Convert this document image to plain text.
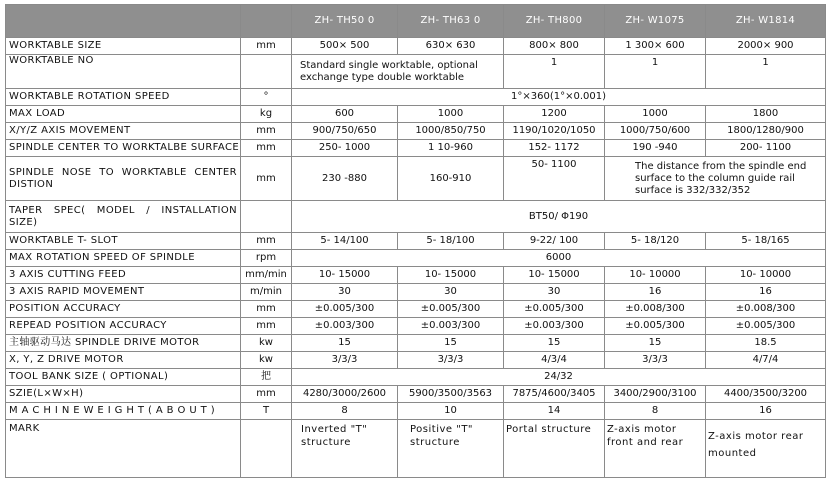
		ZH- TH50 0	ZH- TH63 0	ZH- TH800	ZH- W1075	ZH- W1814
WORKTABLE SIZE	mm	500× 500	630× 630	800× 800	1 300× 600	2000× 900
WORKTABLE NO		Standard single worktable, optional exchange type double worktable		1	1	1
WORKTABLE ROTATION SPEED	°	1°×360(1°×0.001)				
MAX LOAD	kg	600	1000	1200	1000	1800
X/Y/Z AXIS MOVEMENT	mm	900/750/650	1000/850/750	1190/1020/1050	1000/750/600	1800/1280/900
SPINDLE CENTER TO WORKTALBE SURFACE	mm	250- 1000	1 10-960	152- 1172	190 -940	200- 1100
SPINDLE NOSE TO WORKTABLE CENTER DISTION	mm	230 -880	160-910	50- 1100	The distance from the spindle end surface to the column guide rail surface is 332/332/352	
TAPER SPEC( MODEL / INSTALLATION SIZE)		BT50/ Φ190				
WORKTABLE T- SLOT	mm	5- 14/100	5- 18/100	9-22/ 100	5- 18/120	5- 18/165
MAX ROTATION SPEED OF SPINDLE	rpm	6000				
3 AXIS CUTTING FEED	mm/min	10- 15000	10- 15000	10- 15000	10- 10000	10- 10000
3 AXIS RAPID MOVEMENT	m/min	30	30	30	16	16
POSITION ACCURACY	mm	±0.005/300	±0.005/300	±0.005/300	±0.008/300	±0.008/300
REPEAD POSITION ACCURACY	mm	±0.003/300	±0.003/300	±0.003/300	±0.005/300	±0.005/300
主轴驱动马达 SPINDLE DRIVE MOTOR	kw	15	15	15	15	18.5
X, Y, Z DRIVE MOTOR	kw	3/3/3	3/3/3	4/3/4	3/3/3	4/7/4
TOOL BANK SIZE ( OPTIONAL)	把	24/32				
SZIE(L×W×H)	mm	4280/3000/2600	5900/3500/3563	7875/4600/3405	3400/2900/3100	4400/3500/3200
M A C H I N E W E I G H T ( A B O U T )	T	8	10	14	8	16
MARK		Inverted "T" structure	Positive "T" structure	Portal structure	Z-axis motor front and rear	Z-axis motor rear mounted
